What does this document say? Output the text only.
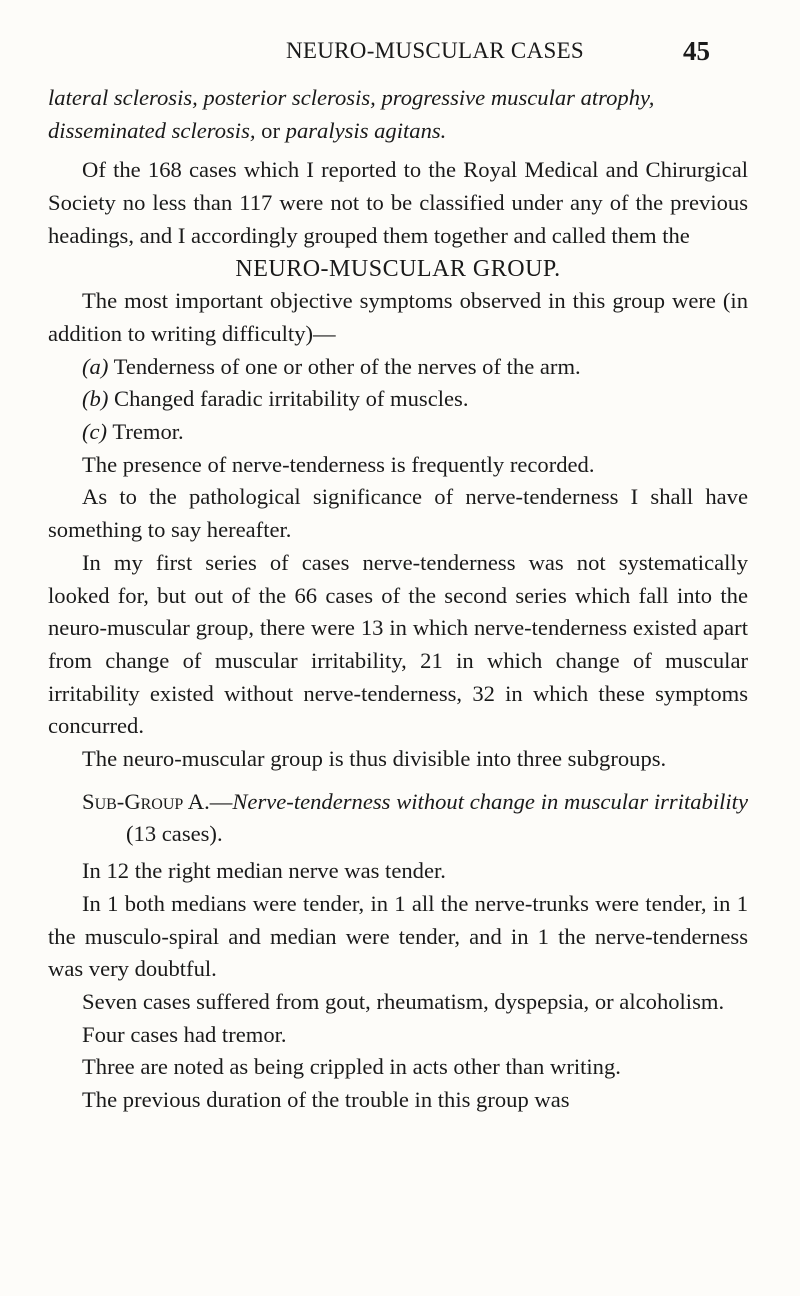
NEURO-MUSCULAR CASES	45

lateral sclerosis, posterior sclerosis, progressive muscular atrophy, disseminated sclerosis, or paralysis agitans.

Of the 168 cases which I reported to the Royal Medical and Chirurgical Society no less than 117 were not to be classified under any of the previous headings, and I accordingly grouped them together and called them the

NEURO-MUSCULAR GROUP.

The most important objective symptoms observed in this group were (in addition to writing difficulty)—

(a) Tenderness of one or other of the nerves of the arm.

(b) Changed faradic irritability of muscles.

(c) Tremor.

The presence of nerve-tenderness is frequently recorded.

As to the pathological significance of nerve-tenderness I shall have something to say hereafter.

In my first series of cases nerve-tenderness was not systematically looked for, but out of the 66 cases of the second series which fall into the neuro-muscular group, there were 13 in which nerve-tenderness existed apart from change of muscular irritability, 21 in which change of muscular irritability existed without nerve-tenderness, 32 in which these symptoms concurred.

The neuro-muscular group is thus divisible into three subgroups.

Sub-Group A.—Nerve-tenderness without change in muscular irritability (13 cases).

In 12 the right median nerve was tender.

In 1 both medians were tender, in 1 all the nerve-trunks were tender, in 1 the musculo-spiral and median were tender, and in 1 the nerve-tenderness was very doubtful.

Seven cases suffered from gout, rheumatism, dyspepsia, or alcoholism.

Four cases had tremor.

Three are noted as being crippled in acts other than writing.

The previous duration of the trouble in this group was
